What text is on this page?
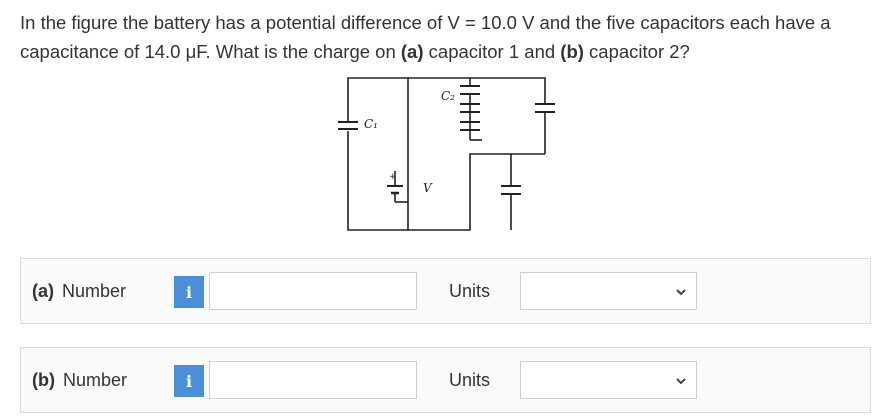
In the figure the battery has a potential difference of V = 10.0 V and the five capacitors each have a
capacitance of 14.0 μF. What is the charge on (a) capacitor 1 and (b) capacitor 2?
C₁
C₂
V
+
(a) Number	i	Units
(b) Number	i	Units
